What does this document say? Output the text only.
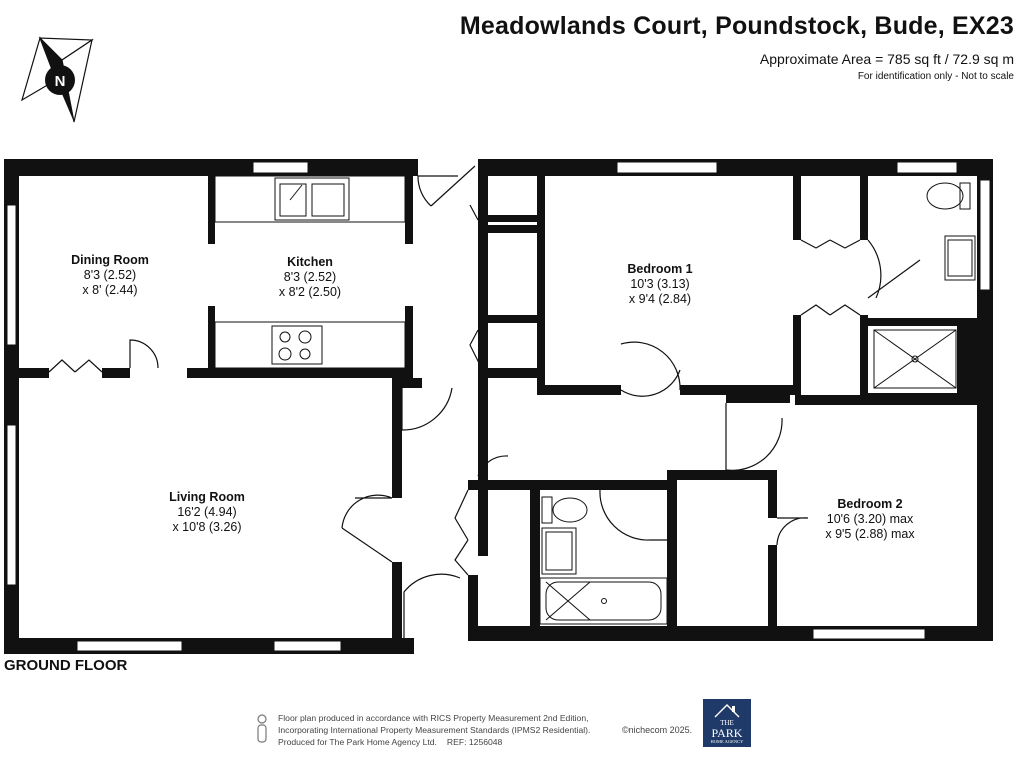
Meadowlands Court, Poundstock, Bude, EX23
Approximate Area = 785 sq ft / 72.9 sq m
For identification only - Not to scale
N
Dining Room
8'3 (2.52)
x 8' (2.44)
Kitchen
8'3 (2.52)
x 8'2 (2.50)
Bedroom 1
10'3 (3.13)
x 9'4 (2.84)
Living Room
16'2 (4.94)
x 10'8 (3.26)
Bedroom 2
10'6 (3.20) max
x 9'5 (2.88) max
GROUND FLOOR
Floor plan produced in accordance with RICS Property Measurement 2nd Edition,
Incorporating International Property Measurement Standards (IPMS2 Residential).
Produced for The Park Home Agency Ltd. REF: 1256048
©nichecom 2025.
THE
PARK
HOME AGENCY
